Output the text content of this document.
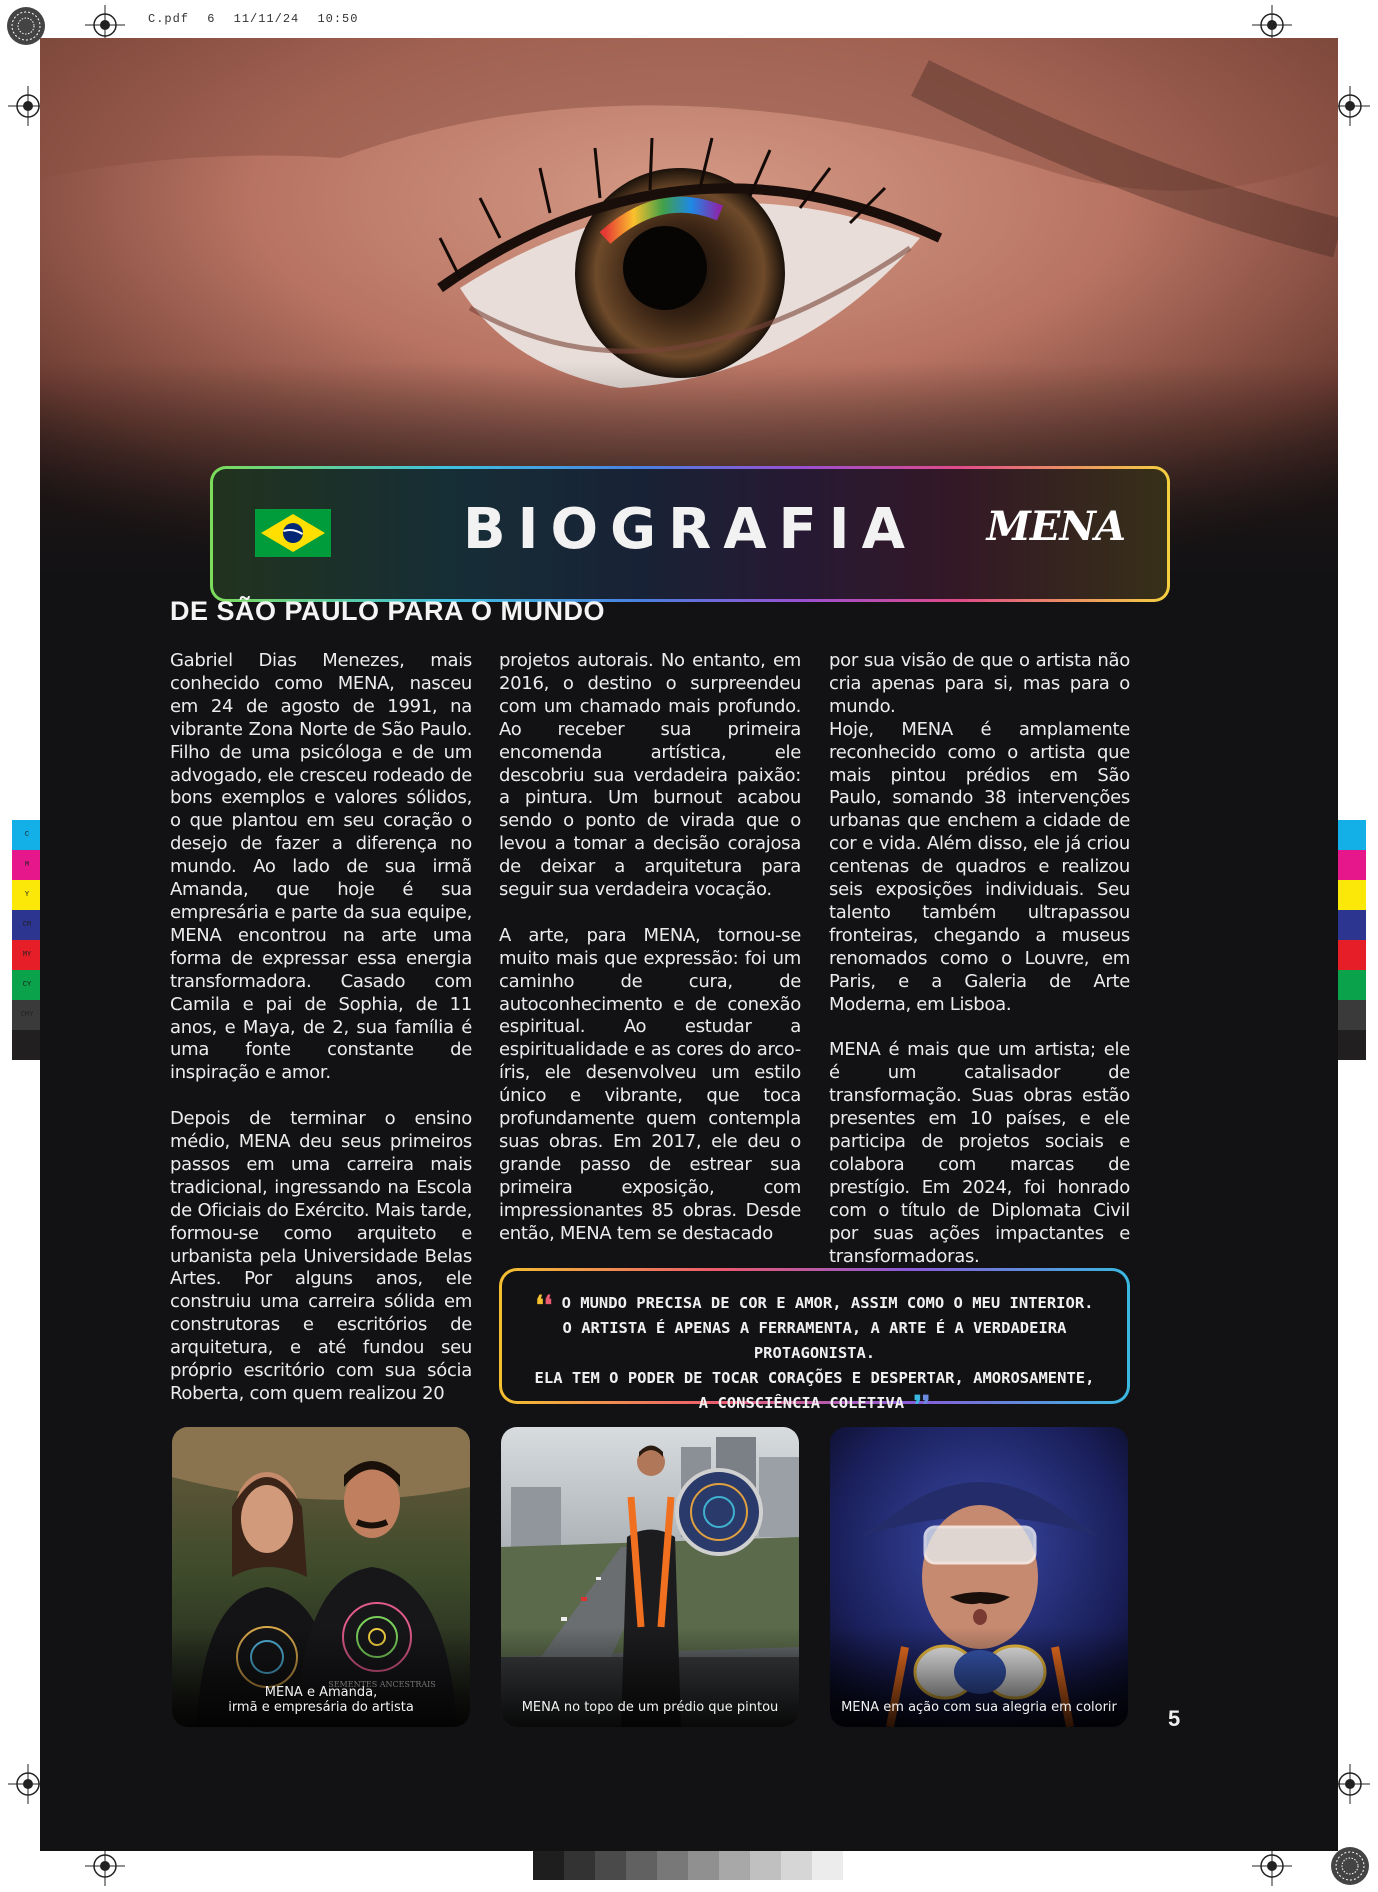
C.pdf 6 11/11/24 10:50
C
M
Y
CM
MY
CY
CMY
K
BIOGRAFIA	MENA
DE SÃO PAULO PARA O MUNDO

Gabriel Dias Menezes, mais conhecido como MENA, nasceu em 24 de agosto de 1991, na vibrante Zona Norte de São Paulo. Filho de uma psicóloga e de um advogado, ele cresceu rodeado de bons exemplos e valores sólidos, o que plantou em seu coração o desejo de fazer a diferença no mundo. Ao lado de sua irmã Amanda, que hoje é sua empresária e parte da sua equipe, MENA encontrou na arte uma forma de expressar essa energia transformadora. Casado com Camila e pai de Sophia, de 11 anos, e Maya, de 2, sua família é uma fonte constante de inspiração e amor.

Depois de terminar o ensino médio, MENA deu seus primeiros passos em uma carreira mais tradicional, ingressando na Escola de Oficiais do Exército. Mais tarde, formou-se como arquiteto e urbanista pela Universidade Belas Artes. Por alguns anos, ele construiu uma carreira sólida em construtoras e escritórios de arquitetura, e até fundou seu próprio escritório com sua sócia Roberta, com quem realizou 20

projetos autorais. No entanto, em 2016, o destino o surpreendeu com um chamado mais profundo. Ao receber sua primeira encomenda artística, ele descobriu sua verdadeira paixão: a pintura. Um burnout acabou sendo o ponto de virada que o levou a tomar a decisão corajosa de deixar a arquitetura para seguir sua verdadeira vocação.

A arte, para MENA, tornou-se muito mais que expressão: foi um caminho de cura, de autoconhecimento e de conexão espiritual. Ao estudar a espiritualidade e as cores do arco-íris, ele desenvolveu um estilo único e vibrante, que toca profundamente quem contempla suas obras. Em 2017, ele deu o grande passo de estrear sua primeira exposição, com impressionantes 85 obras. Desde então, MENA tem se destacado

por sua visão de que o artista não cria apenas para si, mas para o mundo.

Hoje, MENA é amplamente reconhecido como o artista que mais pintou prédios em São Paulo, somando 38 intervenções urbanas que enchem a cidade de cor e vida. Além disso, ele já criou centenas de quadros e realizou seis exposições individuais. Seu talento também ultrapassou fronteiras, chegando a museus renomados como o Louvre, em Paris, e a Galeria de Arte Moderna, em Lisboa.

MENA é mais que um artista; ele é um catalisador de transformação. Suas obras estão presentes em 10 países, e ele participa de projetos sociais e colabora com marcas de prestígio. Em 2024, foi honrado com o título de Diplomata Civil por suas ações impactantes e transformadoras.

❛❛ O MUNDO PRECISA DE COR E AMOR, ASSIM COMO O MEU INTERIOR.
O ARTISTA É APENAS A FERRAMENTA, A ARTE É A VERDADEIRA PROTAGONISTA.
ELA TEM O PODER DE TOCAR CORAÇÕES E DESPERTAR, AMOROSAMENTE,
A CONSCIÊNCIA COLETIVA ❜❜
MENA e Amanda,
irmã e empresária do artista	MENA no topo de um prédio que pintou	MENA em ação com sua alegria em colorir	5
